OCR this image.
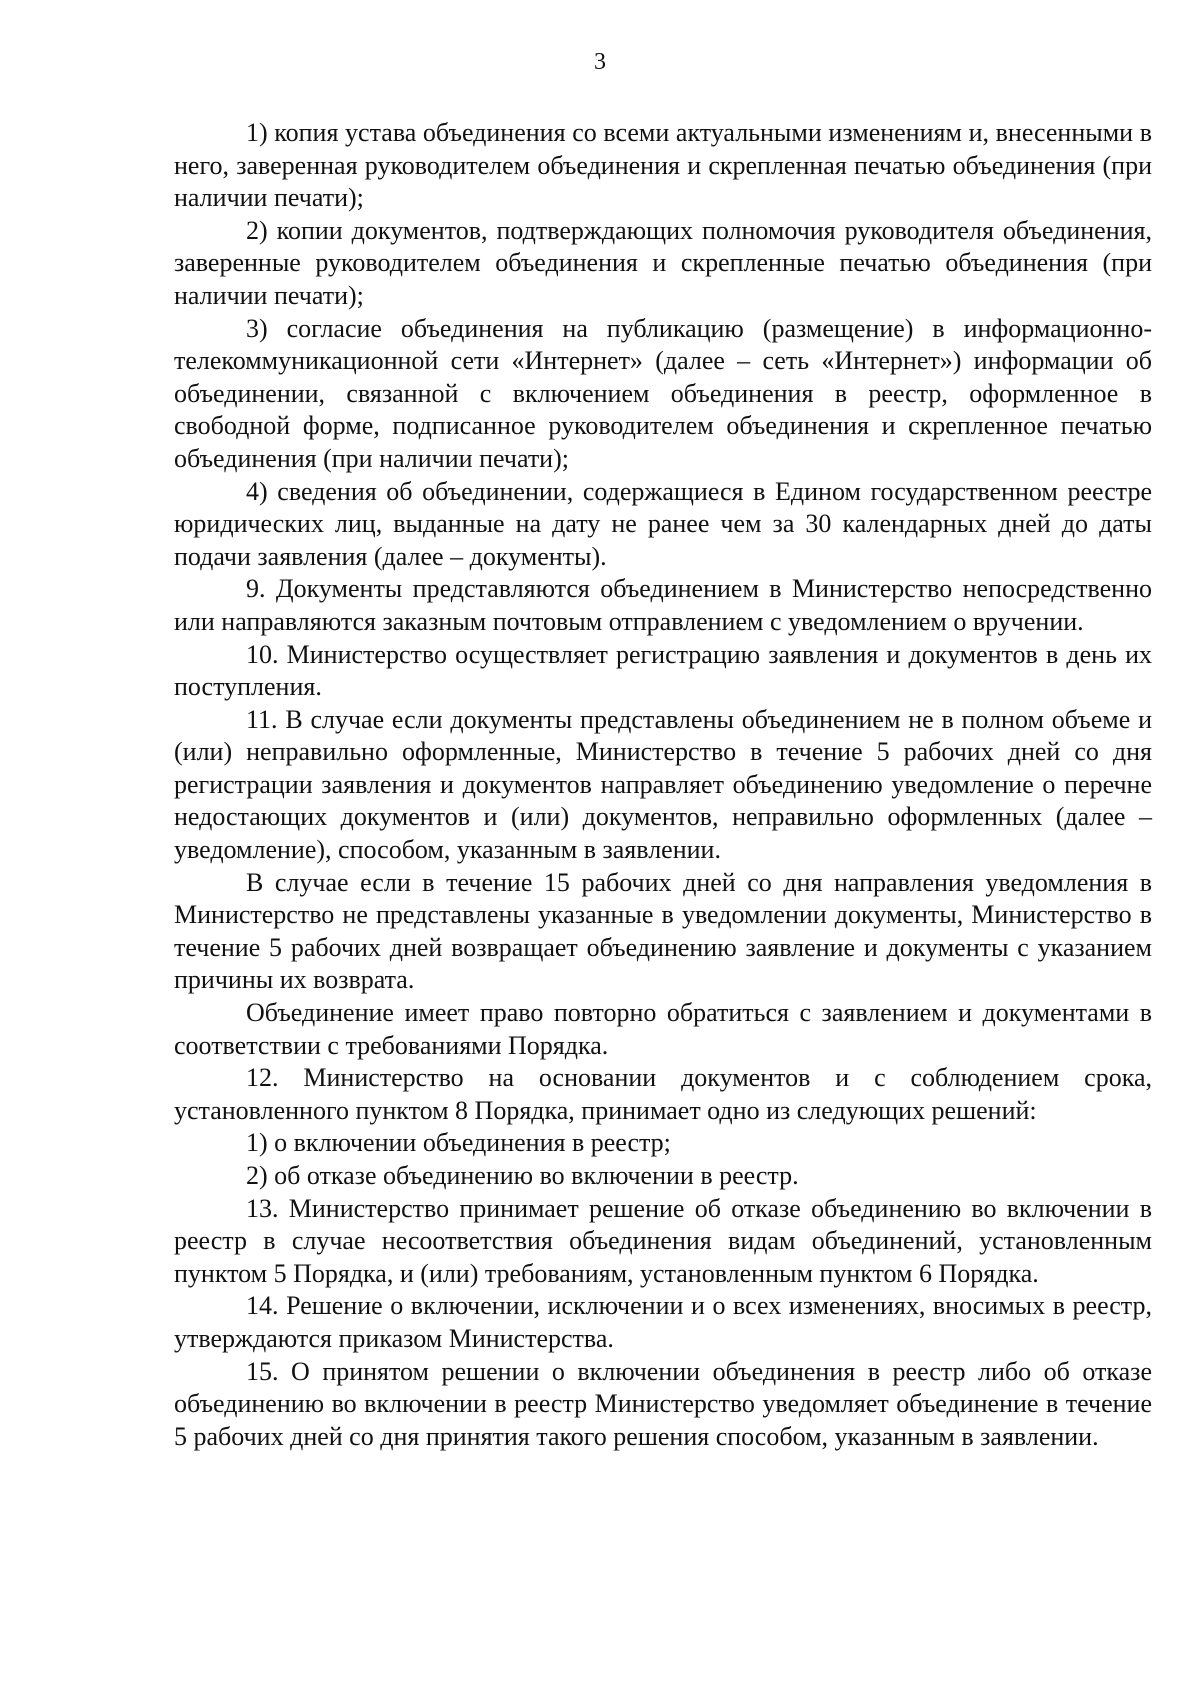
3

1) копия устава объединения со всеми актуальными изменениям и, внесенными в него, заверенная руководителем объединения и скрепленная печатью объединения (при наличии печати);

2) копии документов, подтверждающих полномочия руководителя объединения, заверенные руководителем объединения и скрепленные печатью объединения (при наличии печати);

3) согласие объединения на публикацию (размещение) в информационно-телекоммуникационной сети «Интернет» (далее – сеть «Интернет») информации об объединении, связанной с включением объединения в реестр, оформленное в свободной форме, подписанное руководителем объединения и скрепленное печатью объединения (при наличии печати);

4) сведения об объединении, содержащиеся в Едином государственном реестре юридических лиц, выданные на дату не ранее чем за 30 календарных дней до даты подачи заявления (далее – документы).

9. Документы представляются объединением в Министерство непосредственно или направляются заказным почтовым отправлением с уведомлением о вручении.

10. Министерство осуществляет регистрацию заявления и документов в день их поступления.

11. В случае если документы представлены объединением не в полном объеме и (или) неправильно оформленные, Министерство в течение 5 рабочих дней со дня регистрации заявления и документов направляет объединению уведомление о перечне недостающих документов и (или) документов, неправильно оформленных (далее – уведомление), способом, указанным в заявлении.

В случае если в течение 15 рабочих дней со дня направления уведомления в Министерство не представлены указанные в уведомлении документы, Министерство в течение 5 рабочих дней возвращает объединению заявление и документы с указанием причины их возврата.

Объединение имеет право повторно обратиться с заявлением и документами в соответствии с требованиями Порядка.

12. Министерство на основании документов и с соблюдением срока, установленного пунктом 8 Порядка, принимает одно из следующих решений:

1) о включении объединения в реестр;

2) об отказе объединению во включении в реестр.

13. Министерство принимает решение об отказе объединению во включении в реестр в случае несоответствия объединения видам объединений, установленным пунктом 5 Порядка, и (или) требованиям, установленным пунктом 6 Порядка.

14. Решение о включении, исключении и о всех изменениях, вносимых в реестр, утверждаются приказом Министерства.

15. О принятом решении о включении объединения в реестр либо об отказе объединению во включении в реестр Министерство уведомляет объединение в течение 5 рабочих дней со дня принятия такого решения способом, указанным в заявлении.
